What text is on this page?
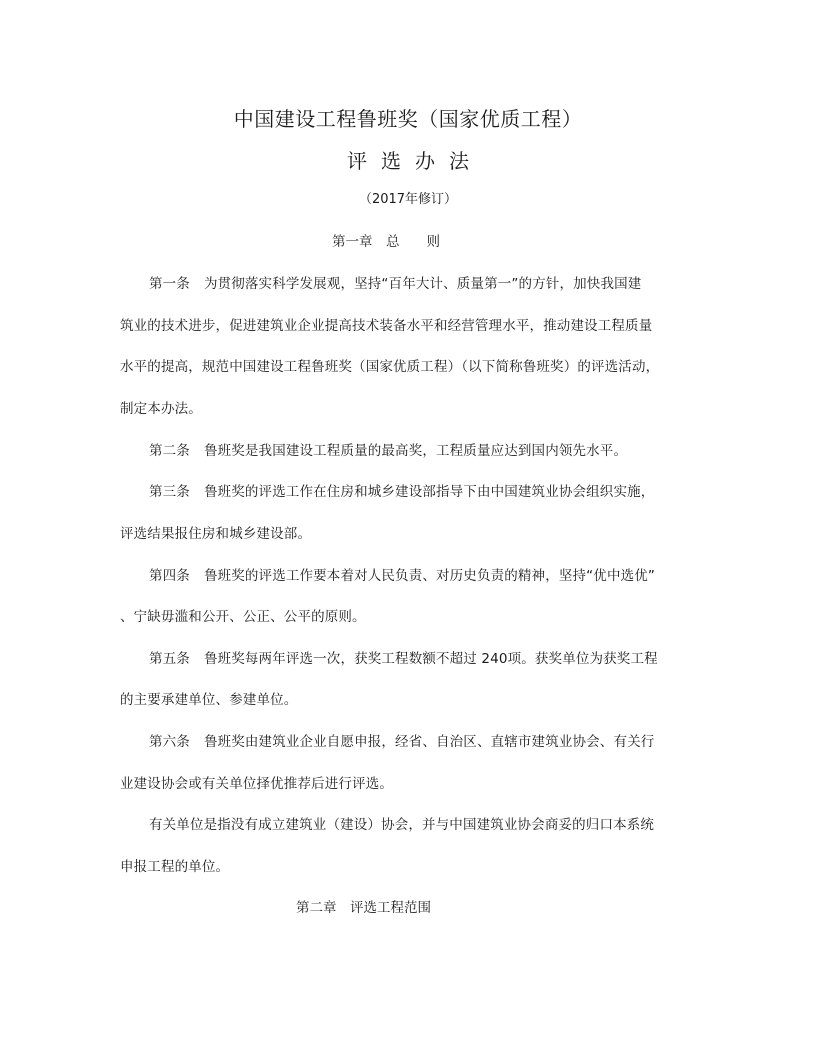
中国建设工程鲁班奖（国家优质工程）
评选办法
（2017年修订）
第一章　总　　则
第一条 为贯彻落实科学发展观，坚持“百年大计、质量第一”的方针，加快我国建
筑业的技术进步，促进建筑业企业提高技术装备水平和经营管理水平，推动建设工程质量
水平的提高，规范中国建设工程鲁班奖（国家优质工程）（以下简称鲁班奖）的评选活动，
制定本办法。
第二条 鲁班奖是我国建设工程质量的最高奖，工程质量应达到国内领先水平。
第三条 鲁班奖的评选工作在住房和城乡建设部指导下由中国建筑业协会组织实施，
评选结果报住房和城乡建设部。
第四条 鲁班奖的评选工作要本着对人民负责、对历史负责的精神，坚持“优中选优”
、宁缺毋滥和公开、公正、公平的原则。
第五条 鲁班奖每两年评选一次，获奖工程数额不超过 240项。获奖单位为获奖工程
的主要承建单位、参建单位。
第六条 鲁班奖由建筑业企业自愿申报，经省、自治区、直辖市建筑业协会、有关行
业建设协会或有关单位择优推荐后进行评选。
有关单位是指没有成立建筑业（建设）协会，并与中国建筑业协会商妥的归口本系统
申报工程的单位。
第二章　评选工程范围
